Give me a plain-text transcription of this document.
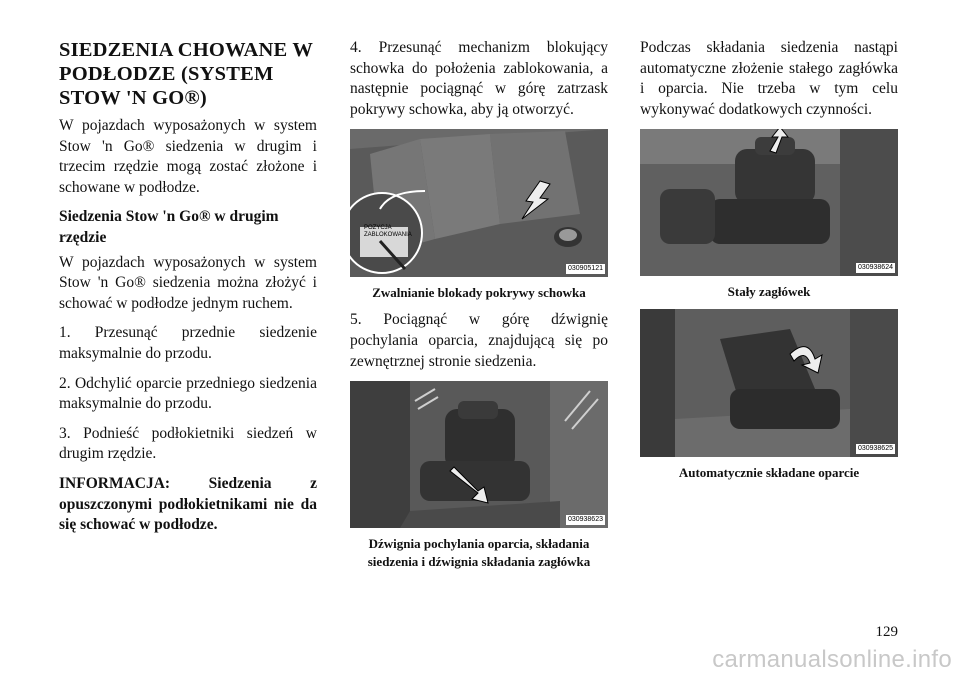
SIEDZENIA CHOWANE W PODŁODZE (SYSTEM STOW 'N GO®)

W pojazdach wyposażonych w system Stow 'n Go® siedzenia w drugim i trzecim rzędzie mogą zostać złożone i schowane w podłodze.

Siedzenia Stow 'n Go® w drugim rzędzie

W pojazdach wyposażonych w system Stow 'n Go® siedzenia można złożyć i schować w podłodze jednym ruchem.

1. Przesunąć przednie siedzenie maksymalnie do przodu.

2. Odchylić oparcie przedniego siedzenia maksymalnie do przodu.

3. Podnieść podłokietniki siedzeń w drugim rzędzie.

INFORMACJA: Siedzenia z opuszczonymi podłokietnikami nie da się schować w podłodze.

4. Przesunąć mechanizm blokujący schowka do położenia zablokowania, a następnie pociągnąć w górę zatrzask pokrywy schowka, aby ją otworzyć.

POZYCJA ZABLOKOWANIA
030905121
Zwalnianie blokady pokrywy schowka

5. Pociągnąć w górę dźwignię pochylania oparcia, znajdującą się po zewnętrznej stronie siedzenia.

030938623
Dźwignia pochylania oparcia, składania siedzenia i dźwignia składania zagłówka

Podczas składania siedzenia nastąpi automatyczne złożenie stałego zagłówka i oparcia. Nie trzeba w tym celu wykonywać dodatkowych czynności.

030938624
Stały zagłówek
030938625
Automatycznie składane oparcie
129
carmanualsonline.info
